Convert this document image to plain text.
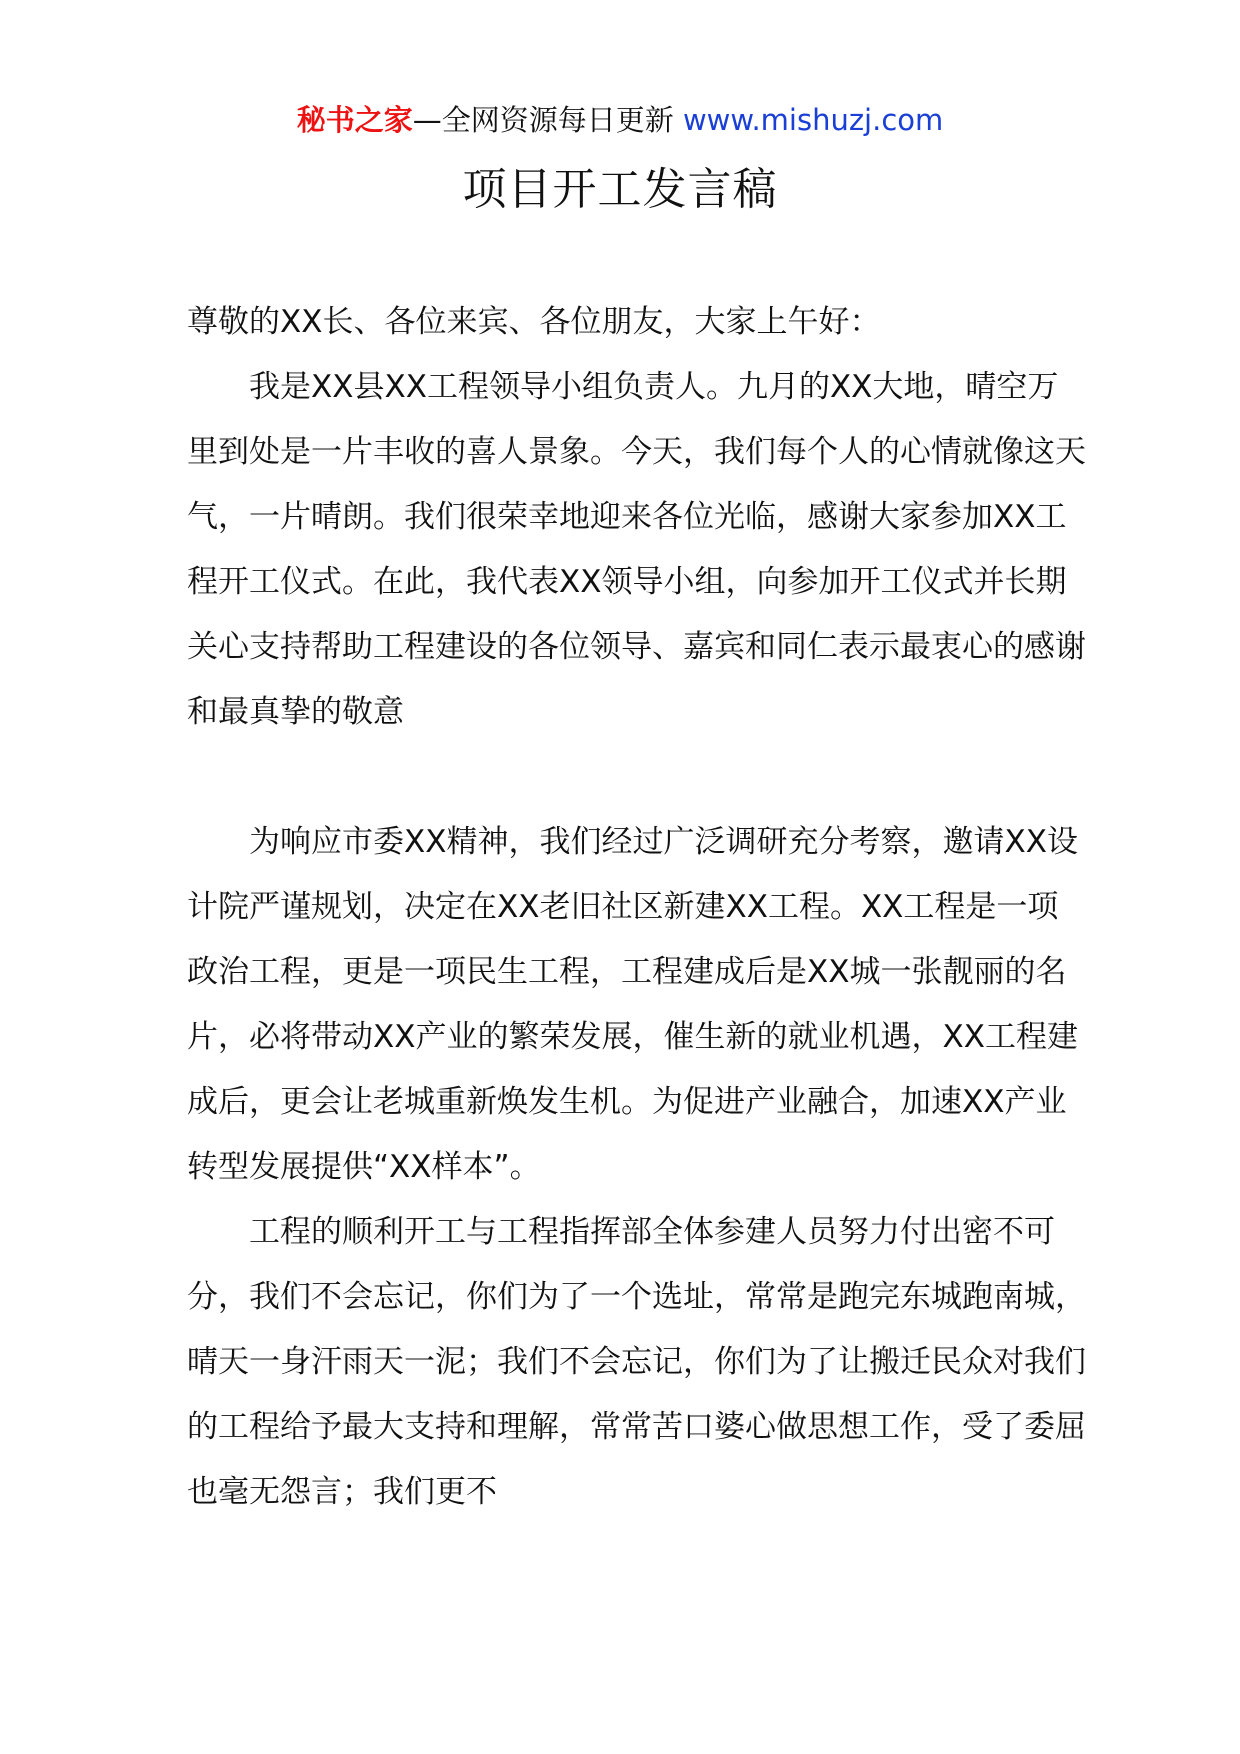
秘书之家—全网资源每日更新 www.mishuzj.com
项目开工发言稿

尊敬的XX长、各位来宾、各位朋友，大家上午好：

我是XX县XX工程领导小组负责人。九月的XX大地，晴空万里到处是一片丰收的喜人景象。今天，我们每个人的心情就像这天气，一片晴朗。我们很荣幸地迎来各位光临，感谢大家参加XX工程开工仪式。在此，我代表XX领导小组，向参加开工仪式并长期关心支持帮助工程建设的各位领导、嘉宾和同仁表示最衷心的感谢和最真挚的敬意

为响应市委XX精神，我们经过广泛调研充分考察，邀请XX设计院严谨规划，决定在XX老旧社区新建XX工程。XX工程是一项政治工程，更是一项民生工程，工程建成后是XX城一张靓丽的名片，必将带动XX产业的繁荣发展，催生新的就业机遇，XX工程建成后，更会让老城重新焕发生机。为促进产业融合，加速XX产业转型发展提供“XX样本”。

工程的顺利开工与工程指挥部全体参建人员努力付出密不可分，我们不会忘记，你们为了一个选址，常常是跑完东城跑南城，晴天一身汗雨天一泥；我们不会忘记，你们为了让搬迁民众对我们的工程给予最大支持和理解，常常苦口婆心做思想工作，受了委屈也毫无怨言；我们更不
